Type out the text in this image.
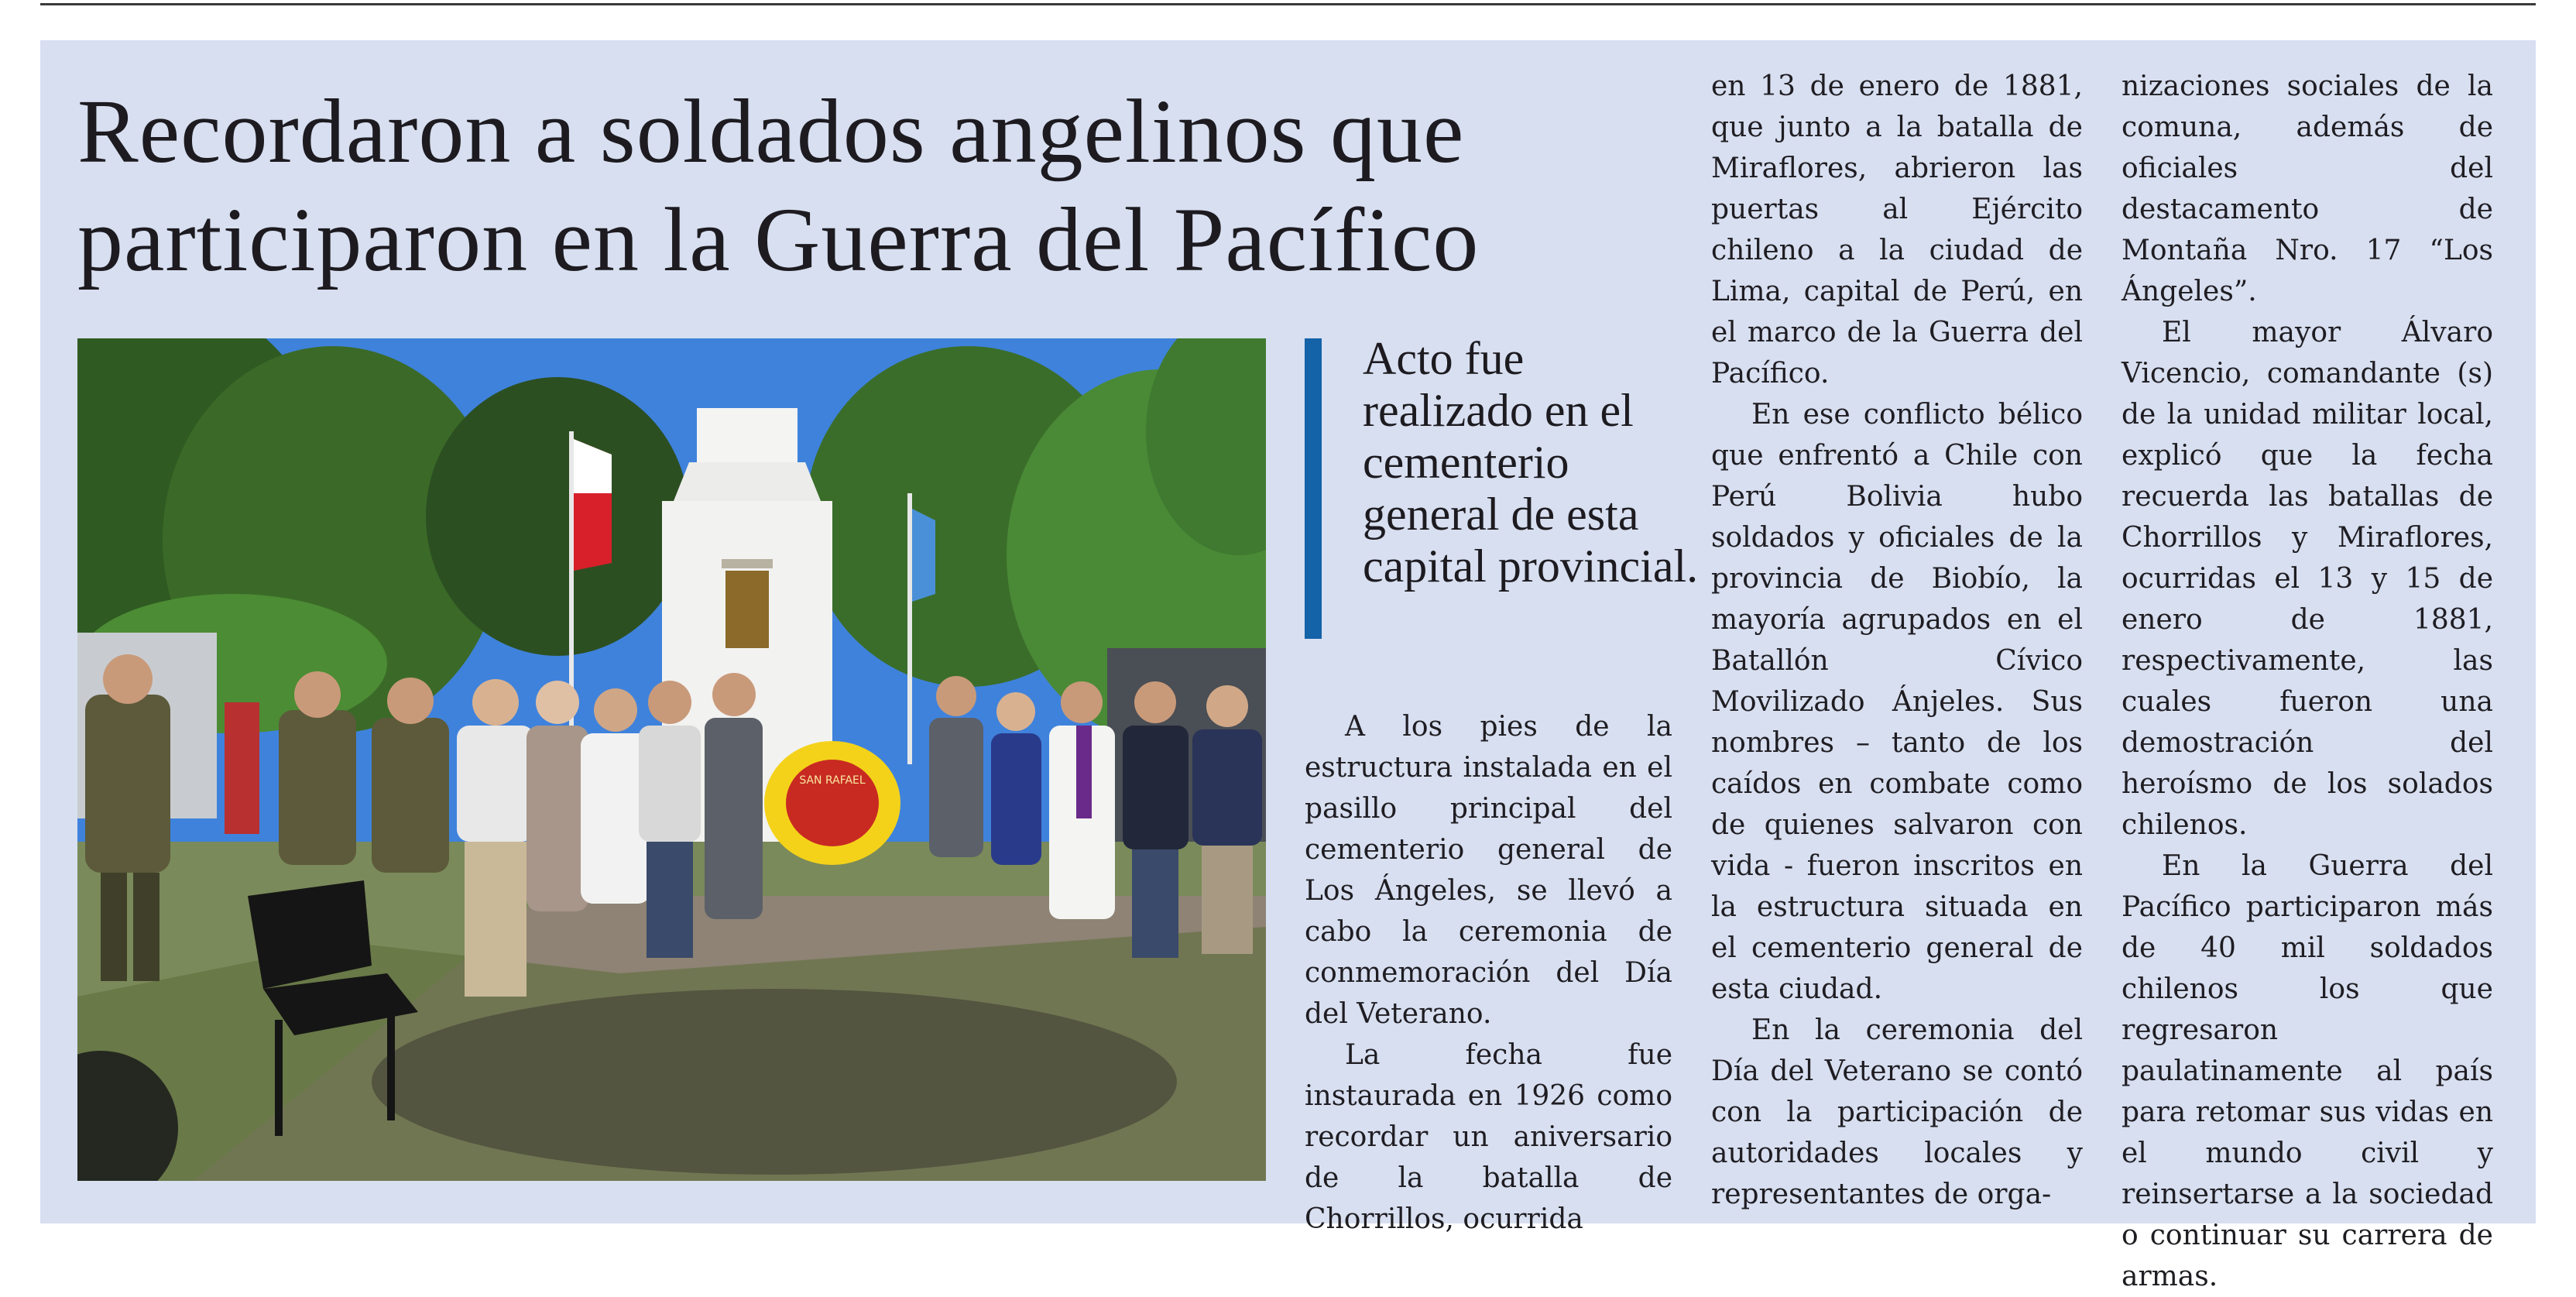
Recordaron a soldados angelinos que participaron en la Guerra del Pacífico
SAN RAFAEL

Acto fue realizado en el cementerio general de esta capital provincial.

A los pies de la estructura instalada en el pasillo principal del cementerio general de Los Ángeles, se llevó a cabo la ceremonia de conmemoración del Día del Veterano.

La fecha fue instaurada en 1926 como recordar un aniversario de la batalla de Chorrillos, ocurrida

en 13 de enero de 1881, que junto a la batalla de Miraflores, abrieron las puertas al Ejército chileno a la ciudad de Lima, capital de Perú, en el marco de la Guerra del Pacífico.

En ese conflicto bélico que enfrentó a Chile con Perú Bolivia hubo soldados y oficiales de la provincia de Biobío, la mayoría agrupados en el Batallón Cívico Movilizado Ánjeles. Sus nombres – tanto de los caídos en combate como de quienes salvaron con vida - fueron inscritos en la estructura situada en el cementerio general de esta ciudad.

En la ceremonia del Día del Veterano se contó con la participación de autoridades locales y representantes de orga-

nizaciones sociales de la comuna, además de oficiales del destacamento de Montaña Nro. 17 “Los Ángeles”.

El mayor Álvaro Vicencio, comandante (s) de la unidad militar local, explicó que la fecha recuerda las batallas de Chorrillos y Miraflores, ocurridas el 13 y 15 de enero de 1881, respectivamente, las cuales fueron una demostración del heroísmo de los solados chilenos.

En la Guerra del Pacífico participaron más de 40 mil soldados chilenos los que regresaron paulatinamente al país para retomar sus vidas en el mundo civil y reinsertarse a la sociedad o continuar su carrera de armas.
